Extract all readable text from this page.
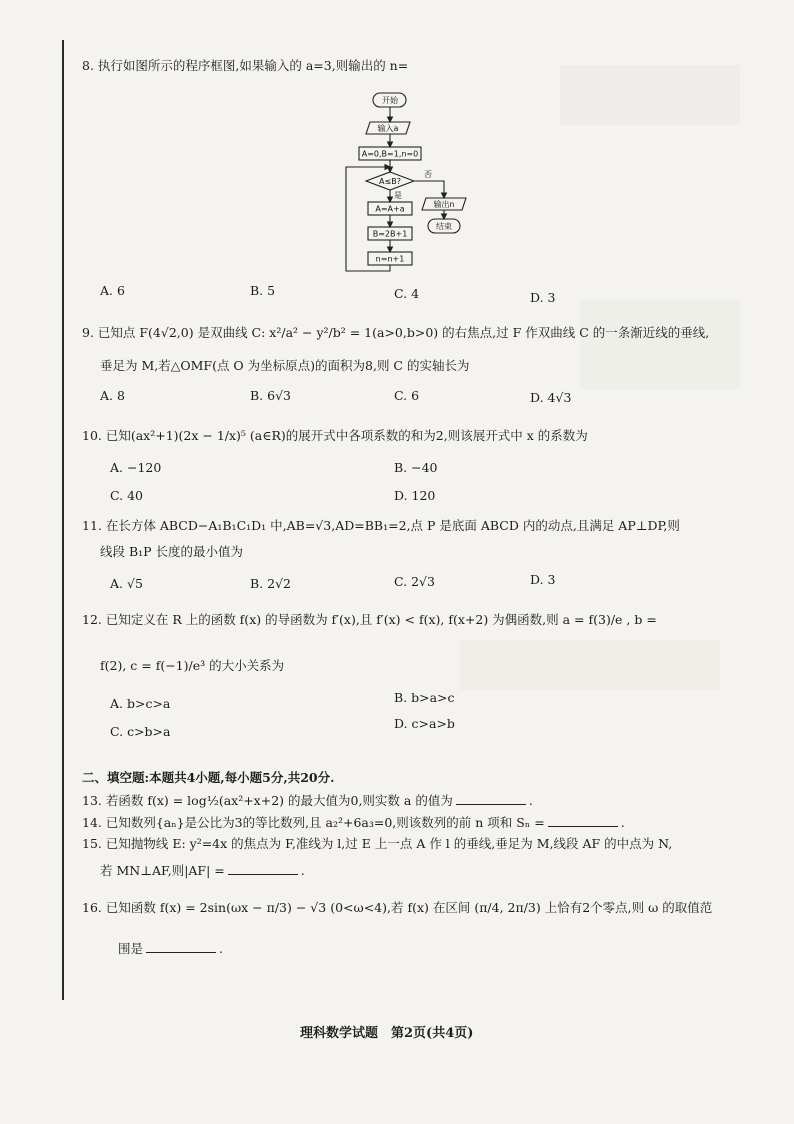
8. 执行如图所示的程序框图,如果输入的 a=3,则输出的 n=
开始
输入a
A=0,B=1,n=0
A≤B?
是
否
A=A+a
B=2B+1
n=n+1
输出n
结束
A. 6	B. 5	C. 4	D. 3
9. 已知点 F(4√2,0) 是双曲线 C: x²/a² − y²/b² = 1(a>0,b>0) 的右焦点,过 F 作双曲线 C 的一条渐近线的垂线,
垂足为 M,若△OMF(点 O 为坐标原点)的面积为8,则 C 的实轴长为
A. 8	B. 6√3	C. 6	D. 4√3
10. 已知(ax²+1)(2x − 1/x)⁵ (a∈R)的展开式中各项系数的和为2,则该展开式中 x 的系数为
A. −120	B. −40
C. 40	D. 120
11. 在长方体 ABCD−A₁B₁C₁D₁ 中,AB=√3,AD=BB₁=2,点 P 是底面 ABCD 内的动点,且满足 AP⊥DP,则
线段 B₁P 长度的最小值为
A. √5	B. 2√2	C. 2√3	D. 3
12. 已知定义在 R 上的函数 f(x) 的导函数为 f′(x),且 f′(x) < f(x), f(x+2) 为偶函数,则 a = f(3)/e , b =
f(2), c = f(−1)/e³ 的大小关系为
A. b>c>a	B. b>a>c
C. c>b>a
D. c>a>b
二、填空题:本题共4小题,每小题5分,共20分.
13. 若函数 f(x) = log½(ax²+x+2) 的最大值为0,则实数 a 的值为	.
14. 已知数列{aₙ}是公比为3的等比数列,且 a₂²+6a₃=0,则该数列的前 n 项和 Sₙ =	.
15. 已知抛物线 E: y²=4x 的焦点为 F,准线为 l,过 E 上一点 A 作 l 的垂线,垂足为 M,线段 AF 的中点为 N,
若 MN⊥AF,则|AF| =	.
16. 已知函数 f(x) = 2sin(ωx − π/3) − √3 (0<ω<4),若 f(x) 在区间 (π/4, 2π/3) 上恰有2个零点,则 ω 的取值范
围是	.
理科数学试题　第2页(共4页)
